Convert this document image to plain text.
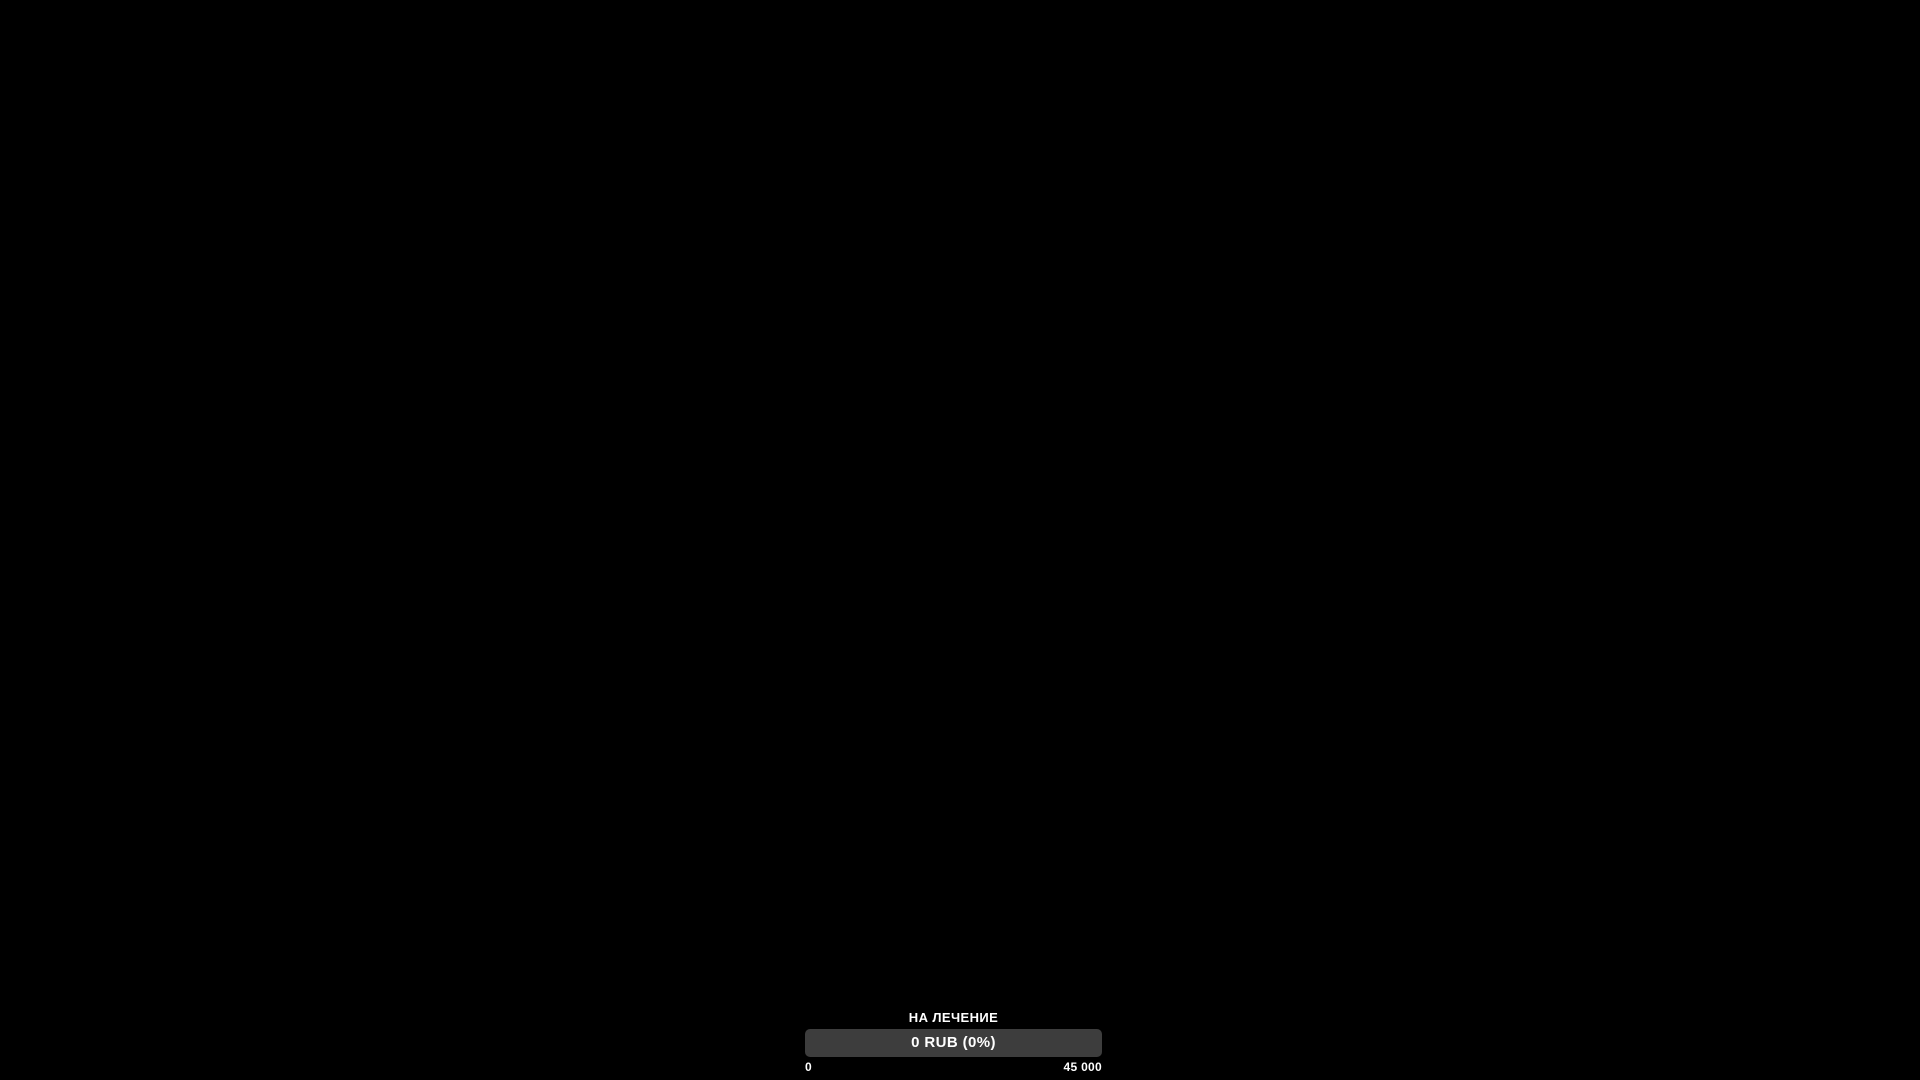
НА ЛЕЧЕНИЕ
0 RUB (0%)
0	45 000
